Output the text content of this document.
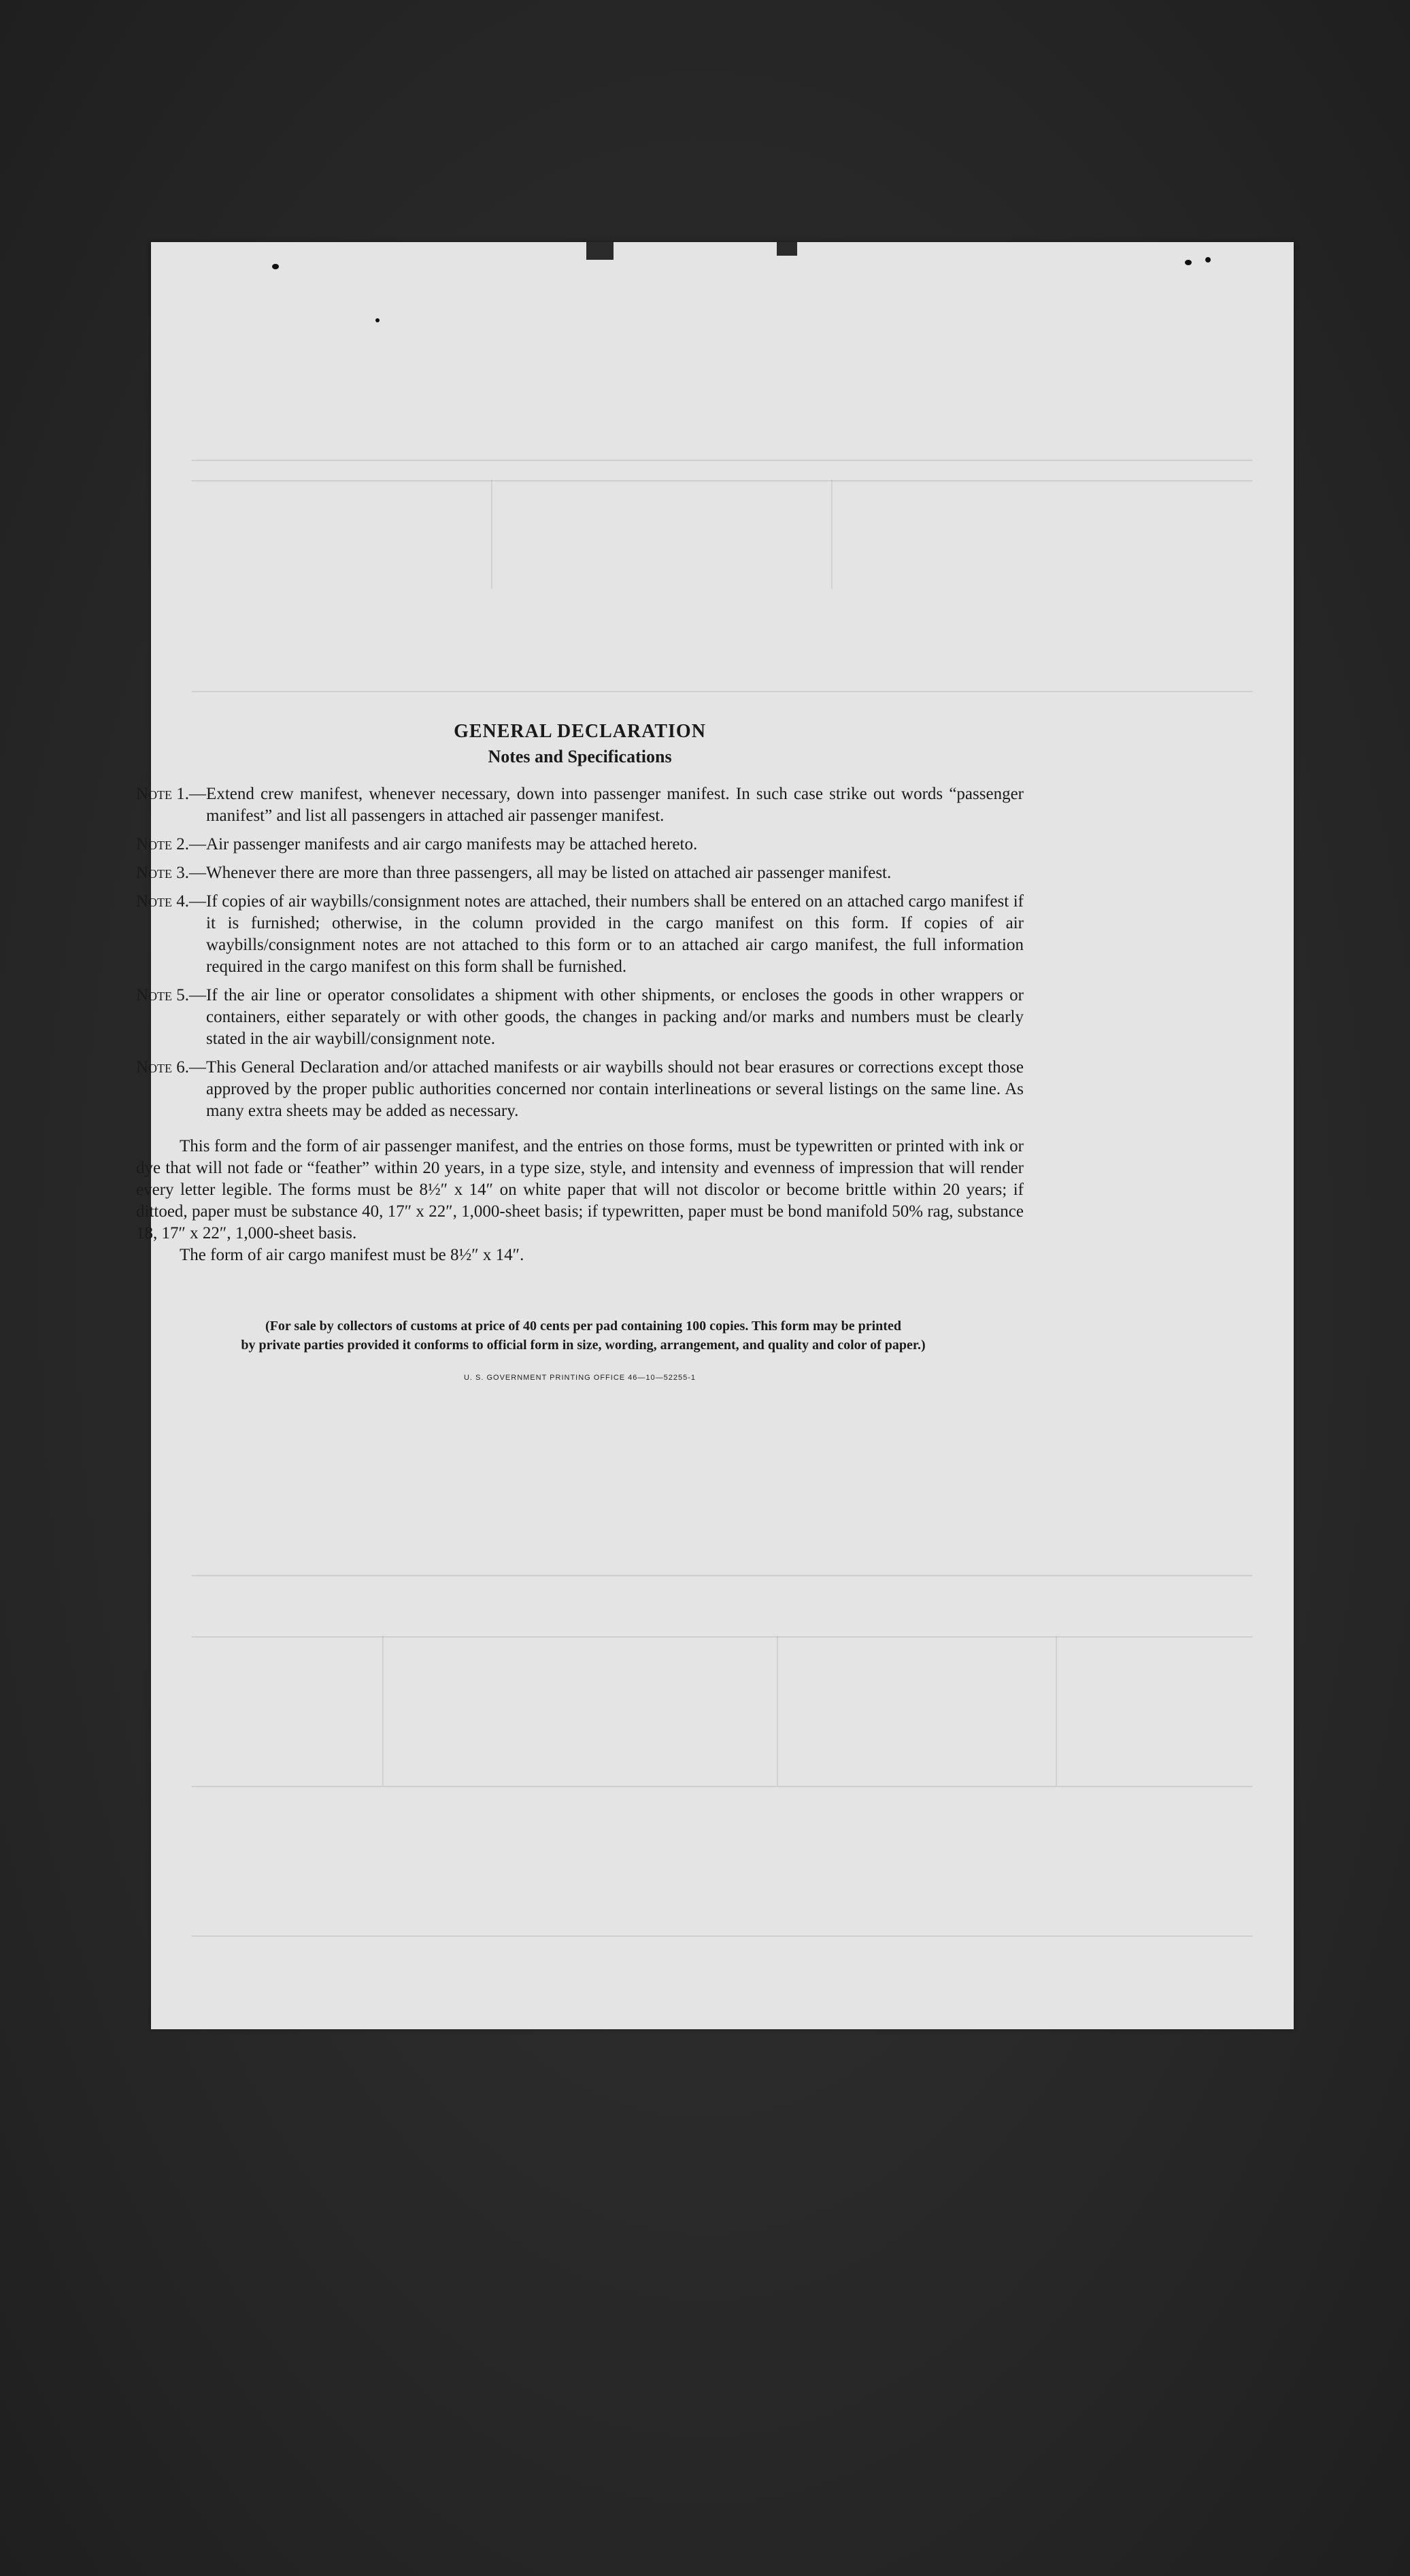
GENERAL DECLARATION
Notes and Specifications
Note 1.— Extend crew manifest, whenever necessary, down into passenger manifest. In such case strike out words “passenger manifest” and list all passengers in attached air passenger manifest.
Note 2.— Air passenger manifests and air cargo manifests may be attached hereto.
Note 3.— Whenever there are more than three passengers, all may be listed on attached air passenger manifest.
Note 4.— If copies of air waybills/consignment notes are attached, their numbers shall be entered on an attached cargo manifest if it is furnished; otherwise, in the column provided in the cargo manifest on this form. If copies of air waybills/consignment notes are not attached to this form or to an attached air cargo manifest, the full information required in the cargo manifest on this form shall be furnished.
Note 5.— If the air line or operator consolidates a shipment with other shipments, or encloses the goods in other wrappers or containers, either separately or with other goods, the changes in packing and/or marks and numbers must be clearly stated in the air waybill/consignment note.
Note 6.— This General Declaration and/or attached manifests or air waybills should not bear erasures or corrections except those approved by the proper public authorities concerned nor contain interlineations or several listings on the same line. As many extra sheets may be added as necessary.
This form and the form of air passenger manifest, and the entries on those forms, must be typewritten or printed with ink or dye that will not fade or “feather” within 20 years, in a type size, style, and intensity and evenness of impression that will render every letter legible. The forms must be 8½″ x 14″ on white paper that will not discolor or become brittle within 20 years; if dittoed, paper must be substance 40, 17″ x 22″, 1,000-sheet basis; if typewritten, paper must be bond manifold 50% rag, substance 18, 17″ x 22″, 1,000-sheet basis.
The form of air cargo manifest must be 8½″ x 14″.
(For sale by collectors of customs at price of 40 cents per pad containing 100 copies. This form may be printed
by private parties provided it conforms to official form in size, wording, arrangement, and quality and color of paper.)
U. S. GOVERNMENT PRINTING OFFICE 46—10—52255-1
